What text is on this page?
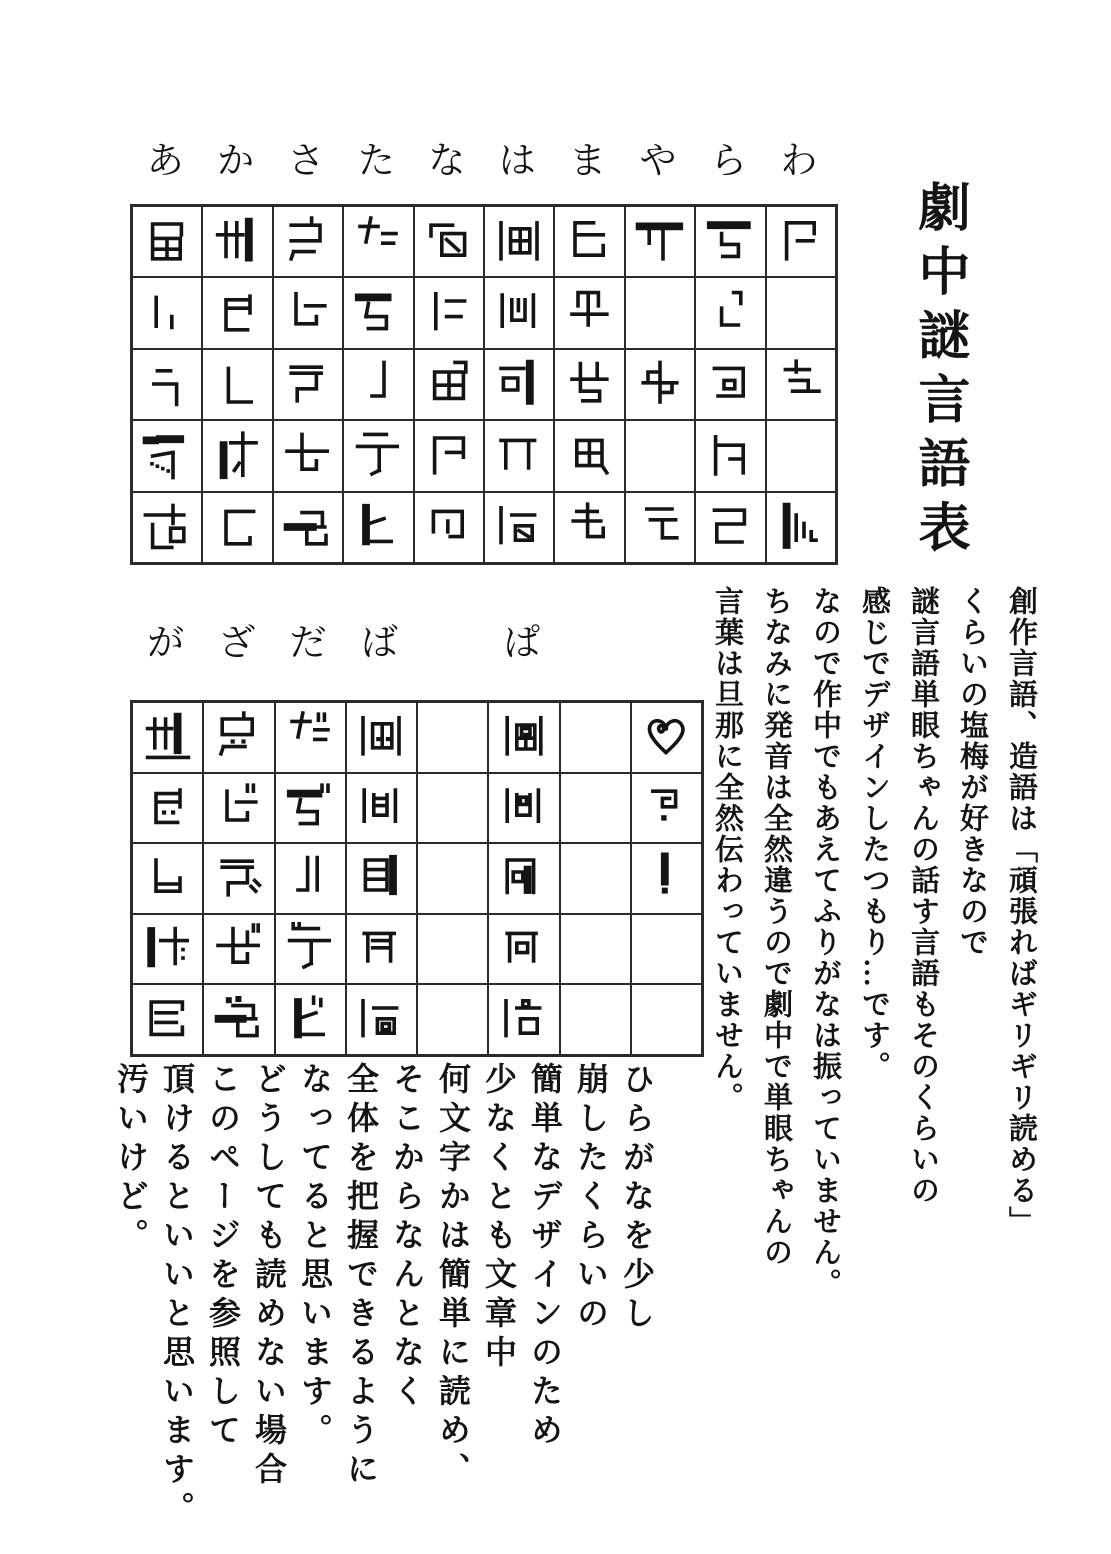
劇中謎言語表
あ か さ た な は ま や ら わ
が ざ だ ば	ぱ	創作言語、造語は「頑張ればギリギリ読める」

くらいの塩梅が好きなので

謎言語単眼ちゃんの話す言語もそのくらいの

感じでデザインしたつもり…です。

なので作中でもあえてふりがなは振っていません。

ちなみに発音は全然違うので劇中で単眼ちゃんの

言葉は旦那に全然伝わっていません。

ひらがなを少し

崩したくらいの

簡単なデザインのため

少なくとも文章中

何文字かは簡単に読め、

そこからなんとなく

全体を把握できるように

なってると思います。

どうしても読めない場合

このページを参照して

頂けるといいと思います。

汚いけど。
